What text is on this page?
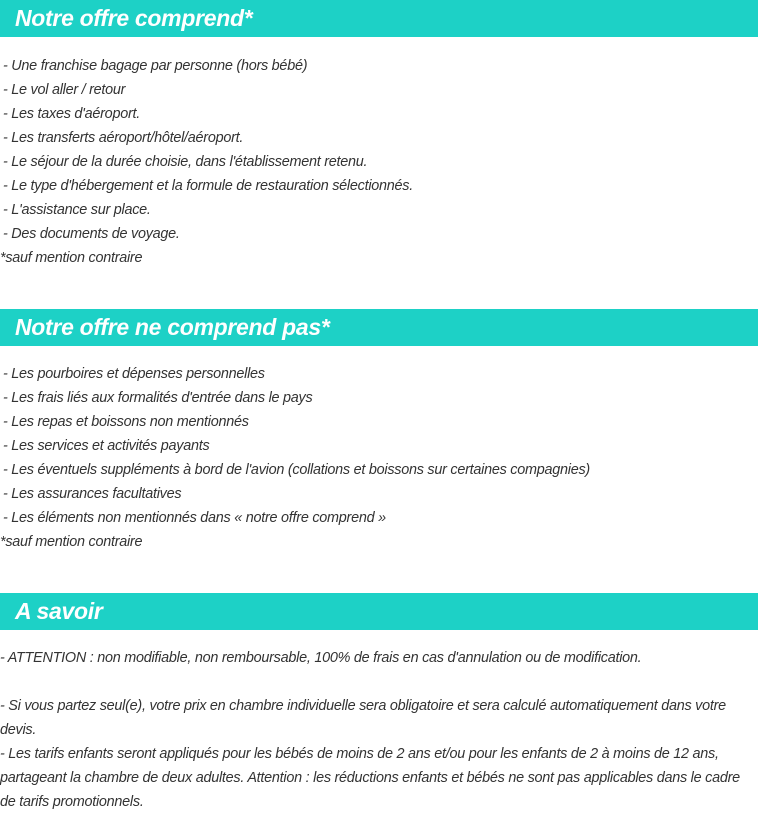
Notre offre comprend*
- Une franchise bagage par personne (hors bébé)
- Le vol aller / retour
- Les taxes d'aéroport.
- Les transferts aéroport/hôtel/aéroport.
- Le séjour de la durée choisie, dans l'établissement retenu.
- Le type d'hébergement et la formule de restauration sélectionnés.
- L'assistance sur place.
- Des documents de voyage.
*sauf mention contraire
Notre offre ne comprend pas*
- Les pourboires et dépenses personnelles
- Les frais liés aux formalités d'entrée dans le pays
- Les repas et boissons non mentionnés
- Les services et activités payants
- Les éventuels suppléments à bord de l'avion (collations et boissons sur certaines compagnies)
- Les assurances facultatives
- Les éléments non mentionnés dans « notre offre comprend »
*sauf mention contraire
A savoir

- ATTENTION : non modifiable, non remboursable, 100% de frais en cas d'annulation ou de modification.

- Si vous partez seul(e), votre prix en chambre individuelle sera obligatoire et sera calculé automatiquement dans votre devis.

- Les tarifs enfants seront appliqués pour les bébés de moins de 2 ans et/ou pour les enfants de 2 à moins de 12 ans, partageant la chambre de deux adultes. Attention : les réductions enfants et bébés ne sont pas applicables dans le cadre de tarifs promotionnels.
